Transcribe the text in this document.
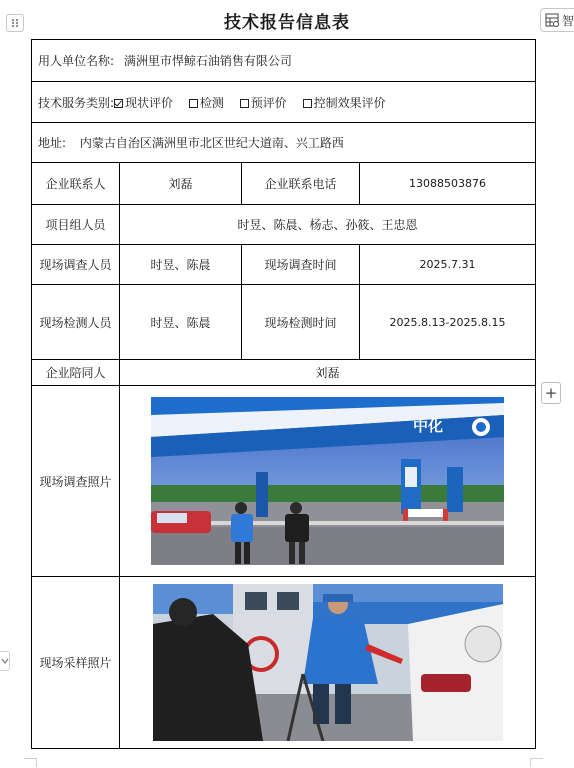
技术报告信息表	智
用人单位名称: 满洲里市悍鲸石油销售有限公司			
技术服务类别: 现状评价 检测 预评价 控制效果评价			
地址: 内蒙古自治区满洲里市北区世纪大道南、兴工路西			
企业联系人	刘磊	企业联系电话	13088503876
项目组人员	时昱、陈晨、杨志、孙筱、王忠恩		
现场调查人员	时昱、陈晨	现场调查时间	2025.7.31
现场检测人员	时昱、陈晨	现场检测时间	2025.8.13-2025.8.15
企业陪同人	刘磊		
现场调查照片	中化		

现场采样照片	
+
